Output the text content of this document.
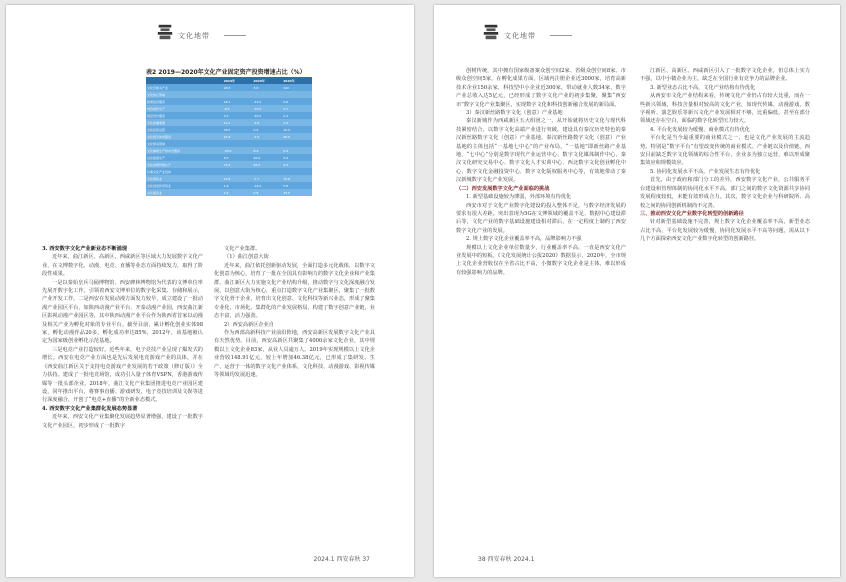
文化地带
表2 2019—2020年文化产业固定资产投资增速占比（%）
	2019年	2020年	2020年
文化及相关产业	28.5	3.8	100
文化核心领域			
新闻信息服务	18.1	-12.2	0.6
内容创作生产	-8.9	-10.5	3.7
创意设计服务	3.3	-30.5	2.4
文化传播渠道	10.1	-3.8	2.4
文化投资运营	38.5	0.9	10.9
文化娱乐休闲服务	22.8	-2.5	36.5
文化相关领域			
文化辅助生产和中介服务	-30.8	8.9	0.9
文化装备生产	8.3	20.6	5.9
文化消费终端生产	72.5	25.6	4.3
从事文化产业活动			
文化制造业	19.8	-7.7	15.8
文化批发和零售业	1.8	-16.5	5.8
文化服务业	2.3	0.8	33.5

3. 西安数字文化产业新业态不断涌现

近年来，曲江新区、高新区、西咸新区等区域大力发展数字文化产业，在文博数字化、动漫、电竞、直播等业态方面持续发力，取得了阶段性成果。

一是以秦始皇兵马俑博物馆、西安碑林博物馆为代表的文博单位率先展开数字化工作，引领着西安文博单位的数字化采集、存储和展示，产业开发工作。二是西安在发展动漫方面发力较早，成立建设了一批动漫产业园区平台，如陕西动漫产业平台、开泰动漫产业园，西安曲江新区影视动漫产业园区等，其中陕西动漫产业平台作为陕西省首家以动漫及相关产业为孵化对象的专业平台。截至目前，累计孵化创业实体98家，孵化动漫作品20多，孵化成功率达85%，2012年，该基地被认定为国家级创业孵化示范基地。

三是电竞产业打造较好。近些年来，电子竞技产业呈现了爆发式的增长。西安在电竞产业方面也是先后发展电竞游戏产业的具体，并在《西安曲江新区关于支持电竞游戏产业发展的若干政策（修订版）》全力扶持。建成了一批电竞场馆，成功引入量子体育VSPN，香港游戏传媒等一批头部企业。2018年，曲江文化产业集团推进电竞产业园区建设，同年推出平台，将赛事直播、游戏研发、电子竞技培训及文娱等进行深度融合，开创了“电竞+直播”的全新业态模式。

4. 西安数字文化产业集群化发展态势显著

近年来，西安文化产业集聚化发展趋势显著增强，建设了一批数字文化产业园区，初步形成了一批数字

文化产业集群。

（1）曲江创意大街

近年来，曲江依托创新驱动发展，全面打造多元化载体，以数字文化创意为核心，培育了一批在全国具有影响力的数字文化企业和产业集群。曲江新区大力实施文化产业结构升级，推动数字与文化深度融合发展，以创意大街为核心，重点打造数字文化产业集聚区，聚集了一批数字文化骨干企业，培育出文化创意、文化科技等新兴业态，形成了聚集专业化、市场化、集群化的产业发展格局，构建了数字创意产业链，业态丰富，活力强劲。

2）西安高新区企业自

作为西部高新科技产业前沿阵地，西安高新区发展数字文化产业具有天然优势。目前，西安高新区共聚集了4000余家文化企业，其中规模以上文化企业83家，从业人员逾万人。2019年实现规模以上文化企业营收148.91亿元，较上年增加46.38亿元，已形成了集研发、生产、运营于一体的数字文化产业体系，文化科技、动漫游戏、影视传媒等领域均发展迅速。

2024.1 西安春秋 37
文化地带

创树传统，其中拥有国家级备案众创空间2家、省级众创空间8家、市级众创空间5家，在孵化成果方面，区域内注册企业近3000家，培育高新技术企业150余家，科技型中小企业近300家，带动就业人数34家，数字产业总收入达5亿元，已经形成了数字文化产业的初步集聚，聚集“西安市”数字文化产业集聚区，实现数字文化和科技创新融合发展的新局面。

3）秦汉新丝路数字文化（创意）产业基地

秦汉新城作为西咸新区五大组团之一，从开始就将历史文化与现代科技紧密结合，以数字文化高端产业进行突破。建设具有秦汉历史特色的秦汉新丝路数字文化（创意）产业基地。秦汉新丝路数字文化（创意）产业基地的主体包括“一基地七中心”的产业布局，“一基地”即新丝路产业基地，“七中心”分别是数字现代产业运营中心、数字文化媒体制作中心、秦汉文化研究交易中心、数字文化人才实训中心、西北数字文化创业孵化中心、数字文化金融投资中心、数字文化版权服务中心等，有效地带动了秦汉新城数字文化产业发展。

（二）西安发展数字文化产业面临的挑战

1. 新型基础设施较为薄弱，外部环境有待优化

西安市对于文化产业数字化建设的投入整体不足，与数字经济发展的要求有很大差距。突出表现为5G在文博领域的覆盖不足、数据中心建设滞后等，文化产业的数字基础设施建设相对滞后，在一定程度上制约了西安数字文化产业的发展。

2. 规上数字文化企业覆盖率不高，品牌影响力不强

规模以上文化企业单位数量少，行业覆盖率不高，一直是西安文化产业发展中的短板。《文化发展统计公报2020》数据显示，2020年，全市规上文化企业营收仅在全省占比不高，小微数字文化企业是主体，难以形成有较强影响力的品牌。

江新区、高新区、西咸新区引入了一批数字文化企业，但总体上实力不强，以中小微企业为主，缺乏在全国行业有竞争力的品牌企业。

3. 新型业态占比不高，文化产业结构有待优化

从西安市文化产业结构来看，传统文化产业仍占有较大比重，而在一些新兴领域，科技含量相对较高的文化产业，如现代传媒、动漫游戏、数字视听、演艺娱乐等新兴文化产业发展相对不够，比重偏低，甚至在部分领域还存在空白，面临的数字化转型压力较大。

4. 平台化发展较为缓慢，商业模式有待优化

平台化是当今最重要的商业模式之一，也是文化产业发展的主流趋势。特别是“数字平台”有望改变传统的商业模式、产业链以及价值链。西安目前缺乏数字文化领域的综合性平台，企业多为独立运营，难以形成聚集效应和规模效应。

5. 协同化发展水平不高，产业发展生态有待优化

首先，由于政府和部门分工的差异，西安数字文化产业，公共服务平台建设和管理体制的协同化水平不高，部门之间的数字文化资源共享协同发展程度较低，未能有效形成合力。其次，数字文化企业与科研院所、高校之间的协同创新机制尚不完善。

三、推动西安文化产业数字化转型的创新路径

针对新型基础设施不完善，规上数字文化企业覆盖率不高，新型业态占比不高，平台化发展较为缓慢，协同化发展水平不高等问题，需从以下几个方面探索西安文化产业数字化转型的创新路径。

38 西安春秋 2024.1
